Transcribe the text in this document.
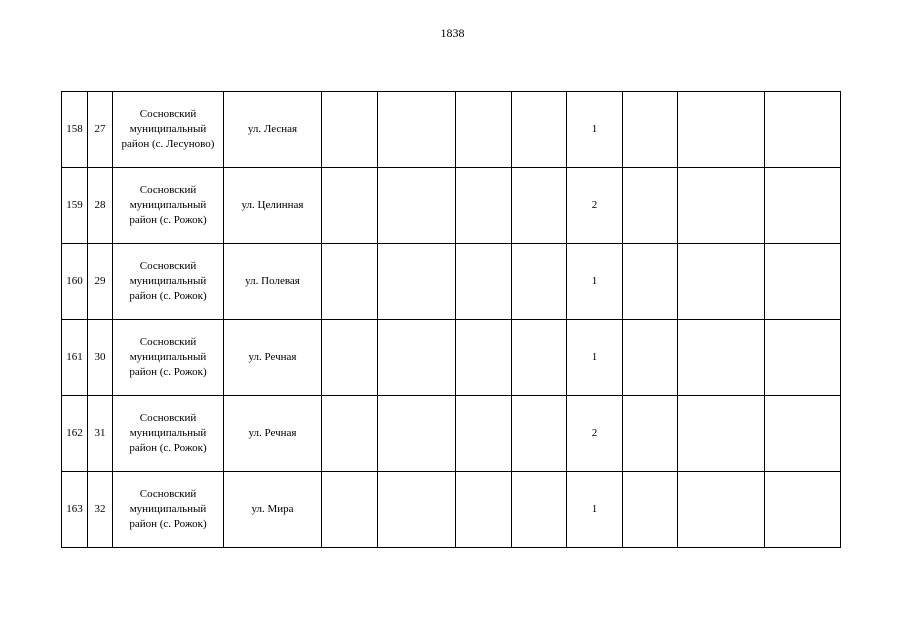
1838
158	27	Сосновский
муниципальный
район (с. Лесуново)	ул. Лесная					1			
159	28	Сосновский
муниципальный
район (с. Рожок)	ул. Целинная					2			
160	29	Сосновский
муниципальный
район (с. Рожок)	ул. Полевая					1			
161	30	Сосновский
муниципальный
район (с. Рожок)	ул. Речная					1			
162	31	Сосновский
муниципальный
район (с. Рожок)	ул. Речная					2			
163	32	Сосновский
муниципальный
район (с. Рожок)	ул. Мира					1			
